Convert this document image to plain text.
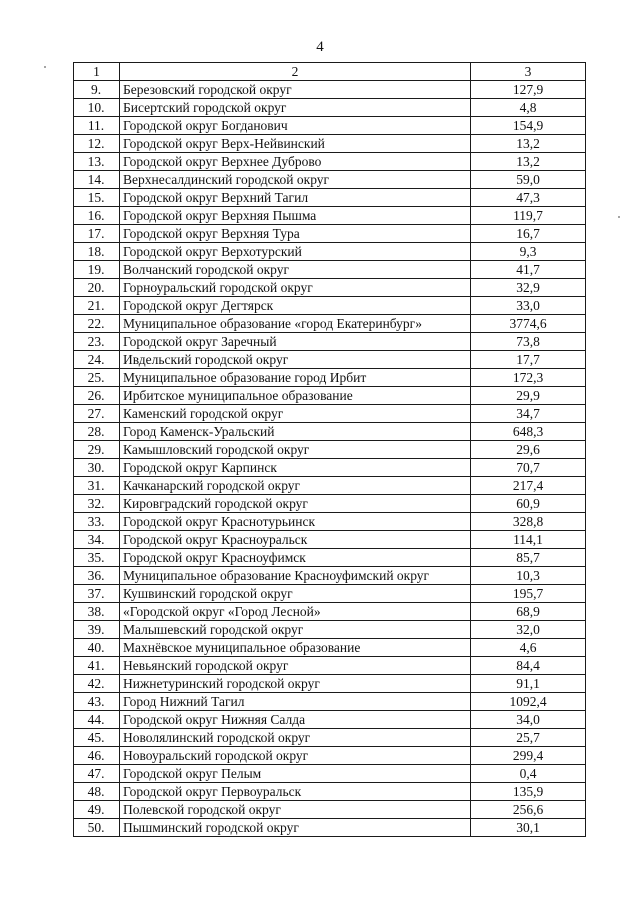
4
1	2	3
9.	Березовский городской округ	127,9
10.	Бисертский городской округ	4,8
11.	Городской округ Богданович	154,9
12.	Городской округ Верх-Нейвинский	13,2
13.	Городской округ Верхнее Дуброво	13,2
14.	Верхнесалдинский городской округ	59,0
15.	Городской округ Верхний Тагил	47,3
16.	Городской округ Верхняя Пышма	119,7
17.	Городской округ Верхняя Тура	16,7
18.	Городской округ Верхотурский	9,3
19.	Волчанский городской округ	41,7
20.	Горноуральский городской округ	32,9
21.	Городской округ Дегтярск	33,0
22.	Муниципальное образование «город Екатеринбург»	3774,6
23.	Городской округ Заречный	73,8
24.	Ивдельский городской округ	17,7
25.	Муниципальное образование город Ирбит	172,3
26.	Ирбитское муниципальное образование	29,9
27.	Каменский городской округ	34,7
28.	Город Каменск-Уральский	648,3
29.	Камышловский городской округ	29,6
30.	Городской округ Карпинск	70,7
31.	Качканарский городской округ	217,4
32.	Кировградский городской округ	60,9
33.	Городской округ Краснотурьинск	328,8
34.	Городской округ Красноуральск	114,1
35.	Городской округ Красноуфимск	85,7
36.	Муниципальное образование Красноуфимский округ	10,3
37.	Кушвинский городской округ	195,7
38.	«Городской округ «Город Лесной»	68,9
39.	Малышевский городской округ	32,0
40.	Махнёвское муниципальное образование	4,6
41.	Невьянский городской округ	84,4
42.	Нижнетуринский городской округ	91,1
43.	Город Нижний Тагил	1092,4
44.	Городской округ Нижняя Салда	34,0
45.	Новолялинский городской округ	25,7
46.	Новоуральский городской округ	299,4
47.	Городской округ Пелым	0,4
48.	Городской округ Первоуральск	135,9
49.	Полевской городской округ	256,6
50.	Пышминский городской округ	30,1
